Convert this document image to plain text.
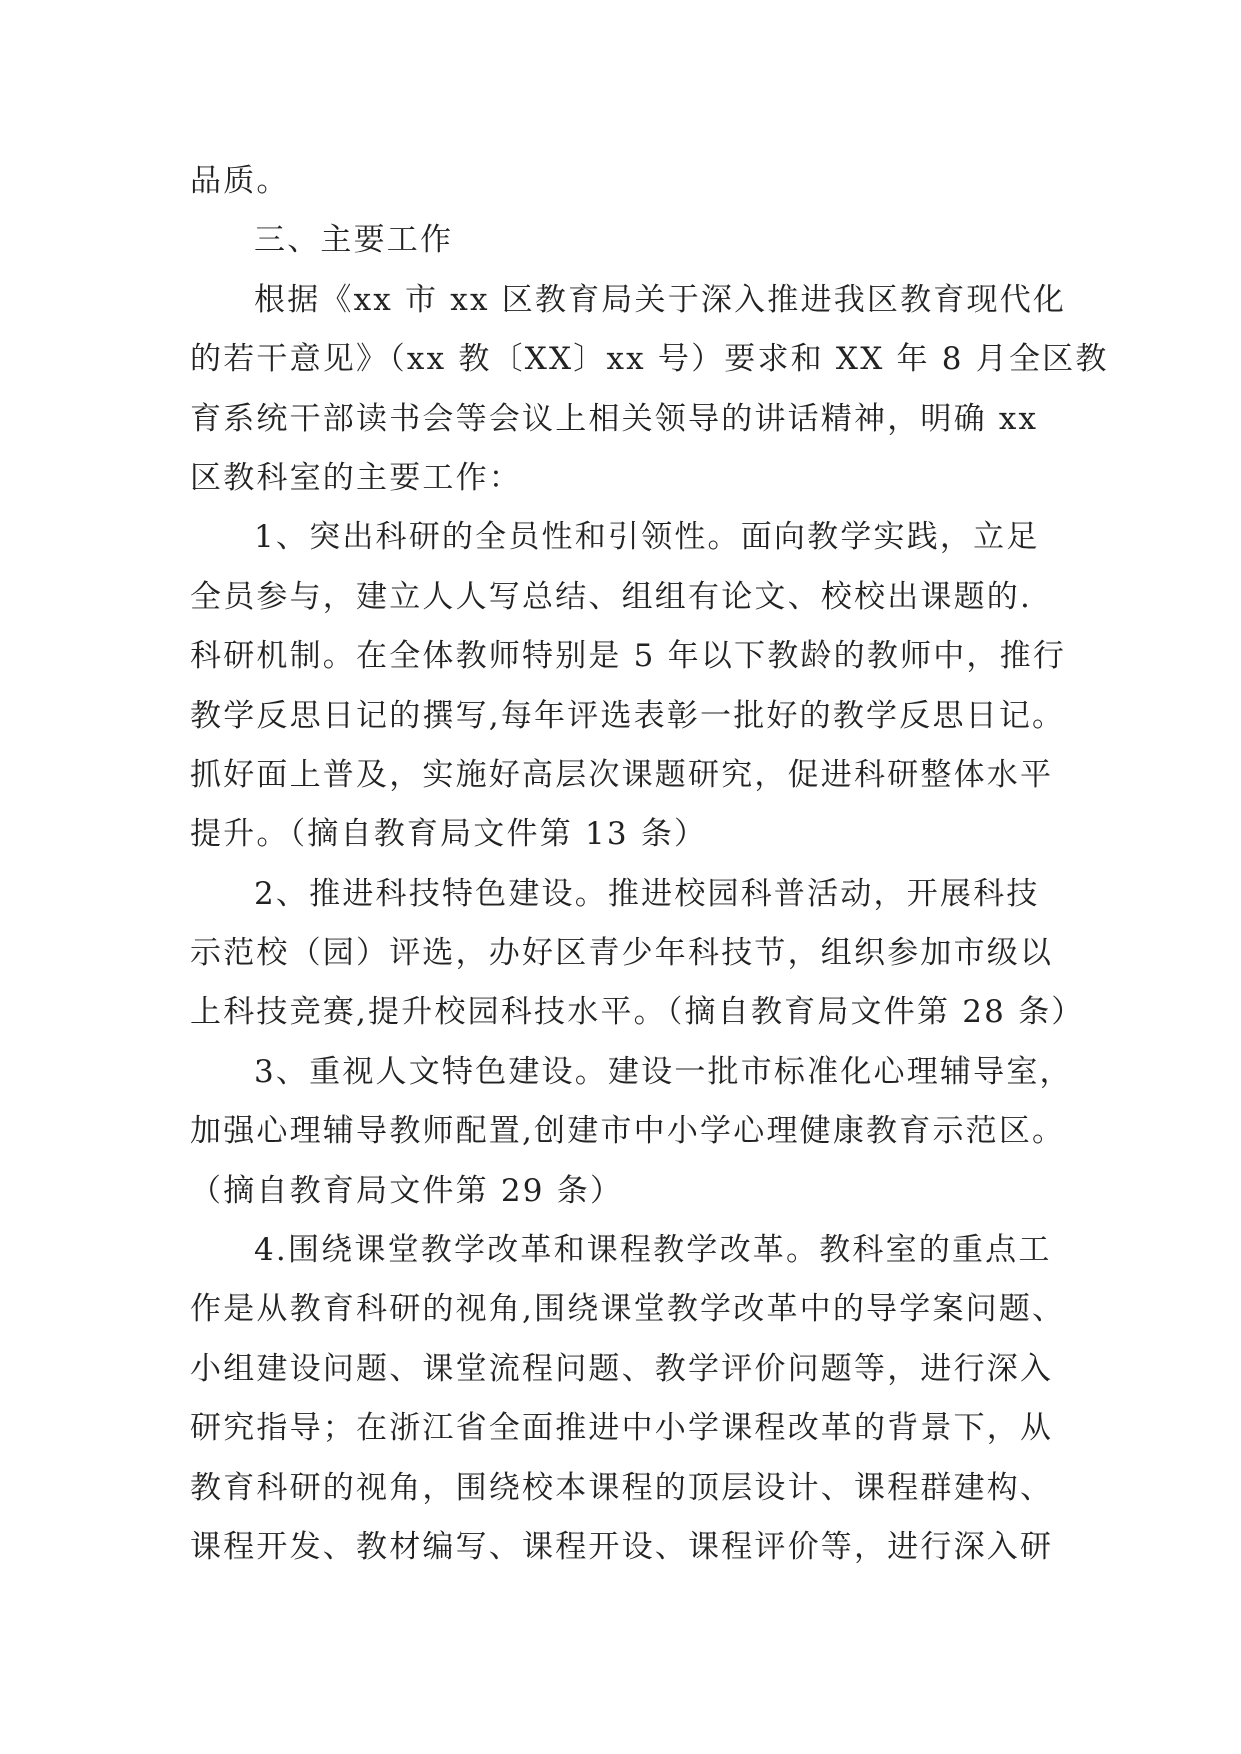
品质。
三、主要工作
根据《xx 市 xx 区教育局关于深入推进我区教育现代化
的若干意见》（xx 教〔XX〕xx 号）要求和 XX 年 8 月全区教
育系统干部读书会等会议上相关领导的讲话精神，明确 xx
区教科室的主要工作：
1、突出科研的全员性和引领性。面向教学实践，立足
全员参与，建立人人写总结、组组有论文、校校出课题的.
科研机制。在全体教师特别是 5 年以下教龄的教师中，推行
教学反思日记的撰写,每年评选表彰一批好的教学反思日记。
抓好面上普及，实施好高层次课题研究，促进科研整体水平
提升。（摘自教育局文件第 13 条）
2、推进科技特色建设。推进校园科普活动，开展科技
示范校（园）评选，办好区青少年科技节，组织参加市级以
上科技竞赛,提升校园科技水平。（摘自教育局文件第 28 条）
3、重视人文特色建设。建设一批市标准化心理辅导室，
加强心理辅导教师配置,创建市中小学心理健康教育示范区。
（摘自教育局文件第 29 条）
4.围绕课堂教学改革和课程教学改革。教科室的重点工
作是从教育科研的视角,围绕课堂教学改革中的导学案问题、
小组建设问题、课堂流程问题、教学评价问题等，进行深入
研究指导；在浙江省全面推进中小学课程改革的背景下，从
教育科研的视角，围绕校本课程的顶层设计、课程群建构、
课程开发、教材编写、课程开设、课程评价等，进行深入研
